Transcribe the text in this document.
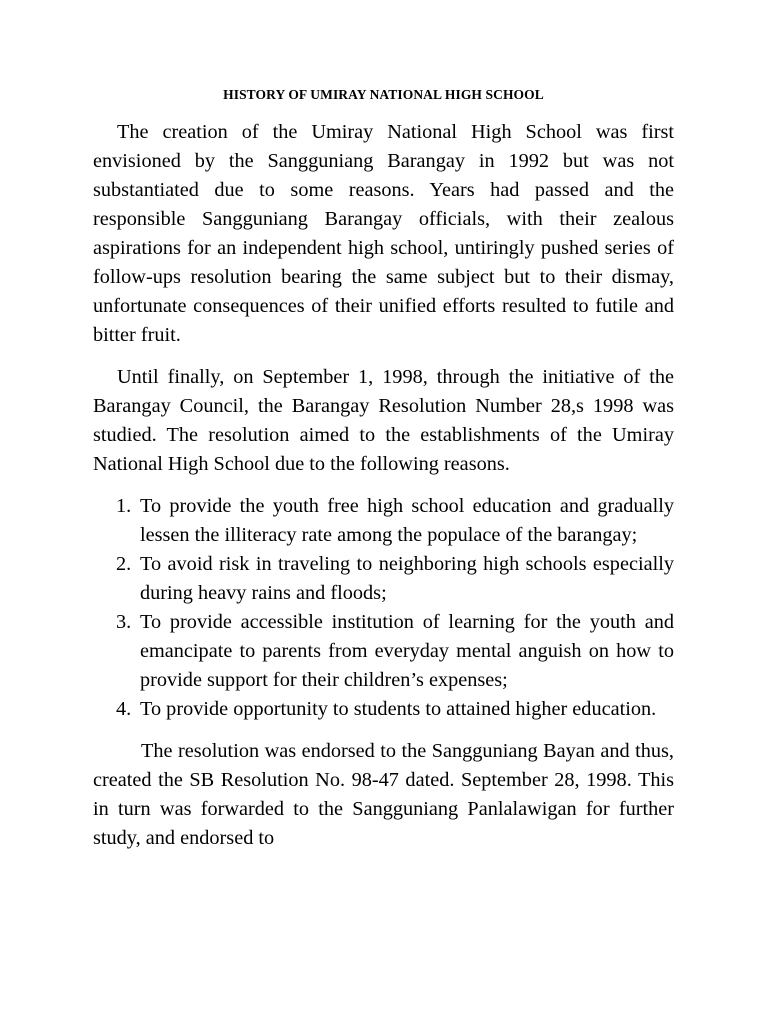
HISTORY OF UMIRAY NATIONAL HIGH SCHOOL

The creation of the Umiray National High School was first envisioned by the Sangguniang Barangay in 1992 but was not substantiated due to some reasons. Years had passed and the responsible Sangguniang Barangay officials, with their zealous aspirations for an independent high school, untiringly pushed series of follow-ups resolution bearing the same subject but to their dismay, unfortunate consequences of their unified efforts resulted to futile and bitter fruit.

Until finally, on September 1, 1998, through the initiative of the Barangay Council, the Barangay Resolution Number 28,s 1998 was studied. The resolution aimed to the establishments of the Umiray National High School due to the following reasons.

1. To provide the youth free high school education and gradually lessen the illiteracy rate among the populace of the barangay;
2. To avoid risk in traveling to neighboring high schools especially during heavy rains and floods;
3. To provide accessible institution of learning for the youth and emancipate to parents from everyday mental anguish on how to provide support for their children’s expenses;
4. To provide opportunity to students to attained higher education.

The resolution was endorsed to the Sangguniang Bayan and thus, created the SB Resolution No. 98-47 dated. September 28, 1998. This in turn was forwarded to the Sangguniang Panlalawigan for further study, and endorsed to
